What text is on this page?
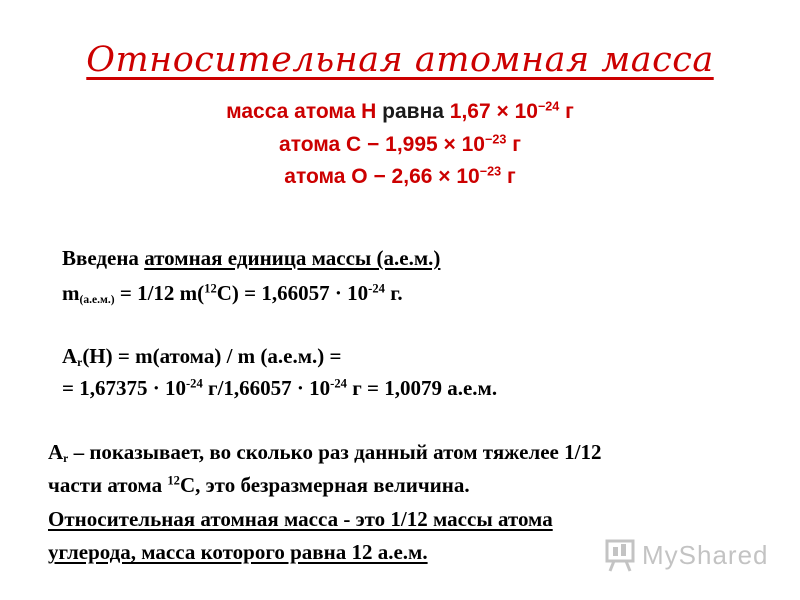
Относительная атомная масса
масса атома Н равна $1,67 \times 10^{-24}$ г
атома $С - 1,995 \times 10^{-23}$ г
атома $О - 2,66 \times 10^{-23}$ г
Введена атомная единица массы (а.е.м.)
$m_{(а.е.м.)} = 1/12$ $m(^{12}C) = 1,66057 \cdot 10^{-24}$ г.
$A_r(H)$ = m(атома) / m (а.е.м.) =
= $1,67375 \cdot 10^{-24}$ $г/1,66057 \cdot 10^{-24}$ г = 1,0079 а.е.м.
$A_r$ – показывает, во сколько раз данный атом тяжелее 1/12
части атома $^{12}$С, это безразмерная величина.
Относительная атомная масса - это 1/12 массы атома
углерода, масса которого равна 12 а.е.м.	MyShared
